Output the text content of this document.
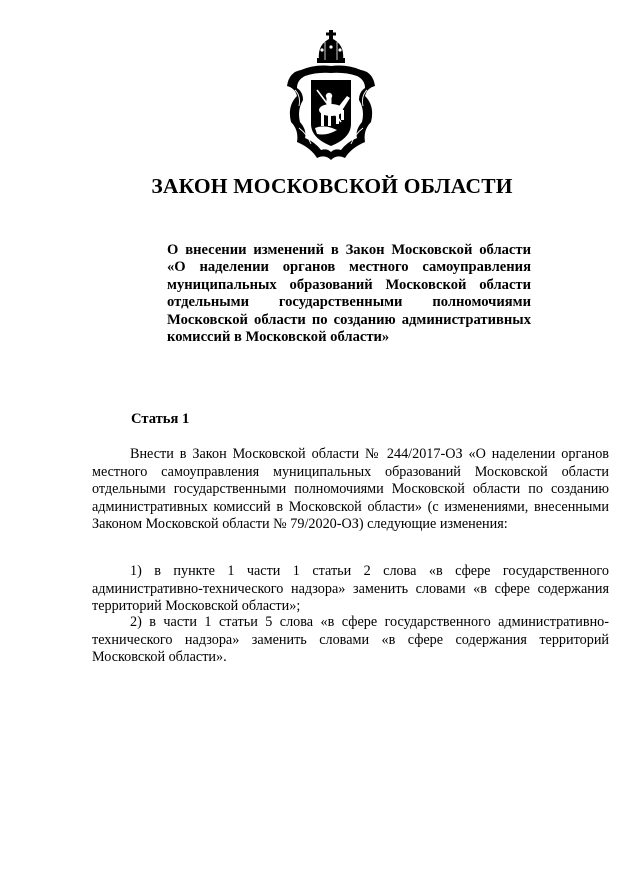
ЗАКОН МОСКОВСКОЙ ОБЛАСТИ

О внесении изменений в Закон Московской области «О наделении органов местного самоуправления муниципальных образований Московской области отдельными государственными полномочиями Московской области по созданию административных комиссий в Московской области»

Статья 1

Внести в Закон Московской области № 244/2017-ОЗ «О наделении органов местного самоуправления муниципальных образований Московской области отдельными государственными полномочиями Московской области по созданию административных комиссий в Московской области» (с изменениями, внесенными Законом Московской области № 79/2020-ОЗ) следующие изменения:

1) в пункте 1 части 1 статьи 2 слова «в сфере государственного административно-технического надзора» заменить словами «в сфере содержания территорий Московской области»;

2) в части 1 статьи 5 слова «в сфере государственного административно-технического надзора» заменить словами «в сфере содержания территорий Московской области».
